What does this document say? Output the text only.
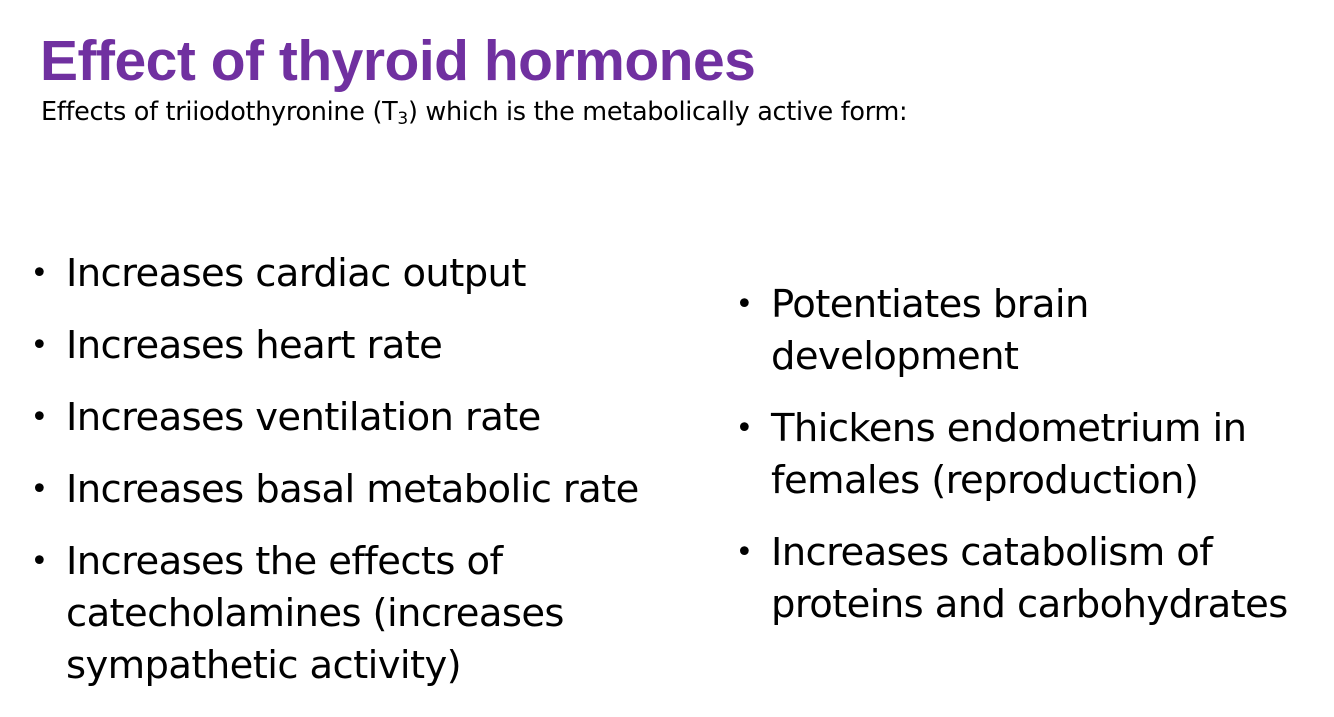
Effect of thyroid hormones

Effects of triiodothyronine $(T_3)$ which is the metabolically active form:

• Increases cardiac output
• Increases heart rate
• Increases ventilation rate
• Increases basal metabolic rate
• Increases the effects of catecholamines (increases sympathetic activity)
• Potentiates brain development
• Thickens endometrium in females (reproduction)
• Increases catabolism of proteins and carbohydrates
